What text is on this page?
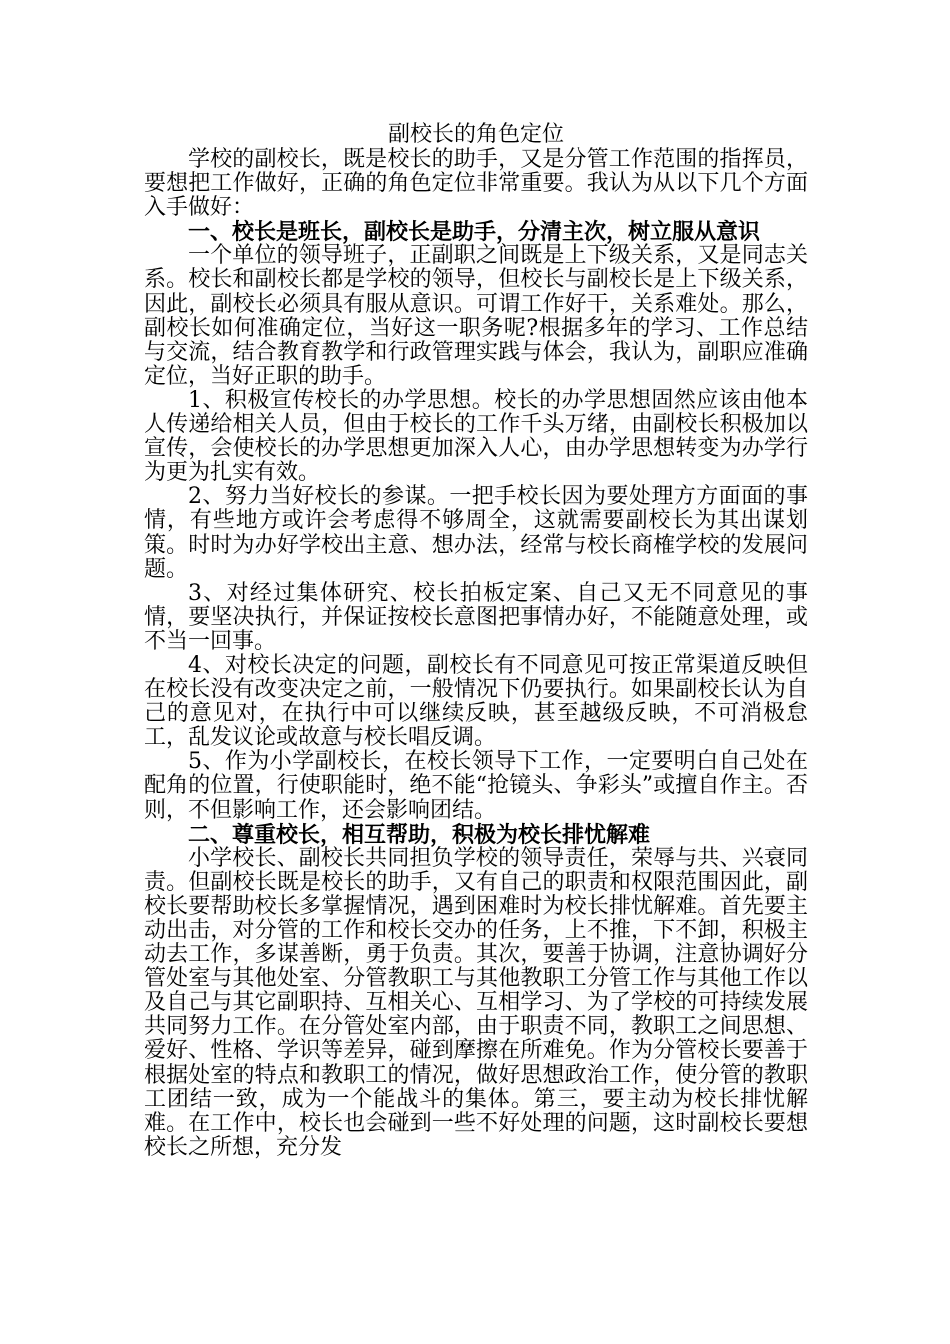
副校长的角色定位

学校的副校长，既是校长的助手，又是分管工作范围的指挥员，要想把工作做好，正确的角色定位非常重要。我认为从以下几个方面入手做好：

一、校长是班长，副校长是助手，分清主次，树立服从意识

一个单位的领导班子，正副职之间既是上下级关系，又是同志关系。校长和副校长都是学校的领导，但校长与副校长是上下级关系，因此，副校长必须具有服从意识。可谓工作好干，关系难处。那么，副校长如何准确定位，当好这一职务呢?根据多年的学习、工作总结与交流，结合教育教学和行政管理实践与体会，我认为，副职应准确定位，当好正职的助手。

1、积极宣传校长的办学思想。校长的办学思想固然应该由他本人传递给相关人员，但由于校长的工作千头万绪，由副校长积极加以宣传，会使校长的办学思想更加深入人心，由办学思想转变为办学行为更为扎实有效。

2、努力当好校长的参谋。一把手校长因为要处理方方面面的事情，有些地方或许会考虑得不够周全，这就需要副校长为其出谋划策。时时为办好学校出主意、想办法，经常与校长商榷学校的发展问题。

3、对经过集体研究、校长拍板定案、自己又无不同意见的事情，要坚决执行，并保证按校长意图把事情办好，不能随意处理，或不当一回事。

4、对校长决定的问题，副校长有不同意见可按正常渠道反映但在校长没有改变决定之前，一般情况下仍要执行。如果副校长认为自己的意见对，在执行中可以继续反映，甚至越级反映，不可消极怠工，乱发议论或故意与校长唱反调。

5、作为小学副校长，在校长领导下工作，一定要明白自己处在配角的位置，行使职能时，绝不能“抢镜头、争彩头”或擅自作主。否则，不但影响工作，还会影响团结。

二、尊重校长，相互帮助，积极为校长排忧解难

小学校长、副校长共同担负学校的领导责任，荣辱与共、兴衰同责。但副校长既是校长的助手，又有自己的职责和权限范围因此，副校长要帮助校长多掌握情况，遇到困难时为校长排忧解难。首先要主动出击，对分管的工作和校长交办的任务，上不推，下不卸，积极主动去工作，多谋善断，勇于负责。其次，要善于协调，注意协调好分管处室与其他处室、分管教职工与其他教职工分管工作与其他工作以及自己与其它副职持、互相关心、互相学习、为了学校的可持续发展共同努力工作。在分管处室内部，由于职责不同，教职工之间思想、爱好、性格、学识等差异，碰到摩擦在所难免。作为分管校长要善于根据处室的特点和教职工的情况，做好思想政治工作，使分管的教职工团结一致，成为一个能战斗的集体。第三，要主动为校长排忧解难。在工作中，校长也会碰到一些不好处理的问题，这时副校长要想校长之所想，充分发
